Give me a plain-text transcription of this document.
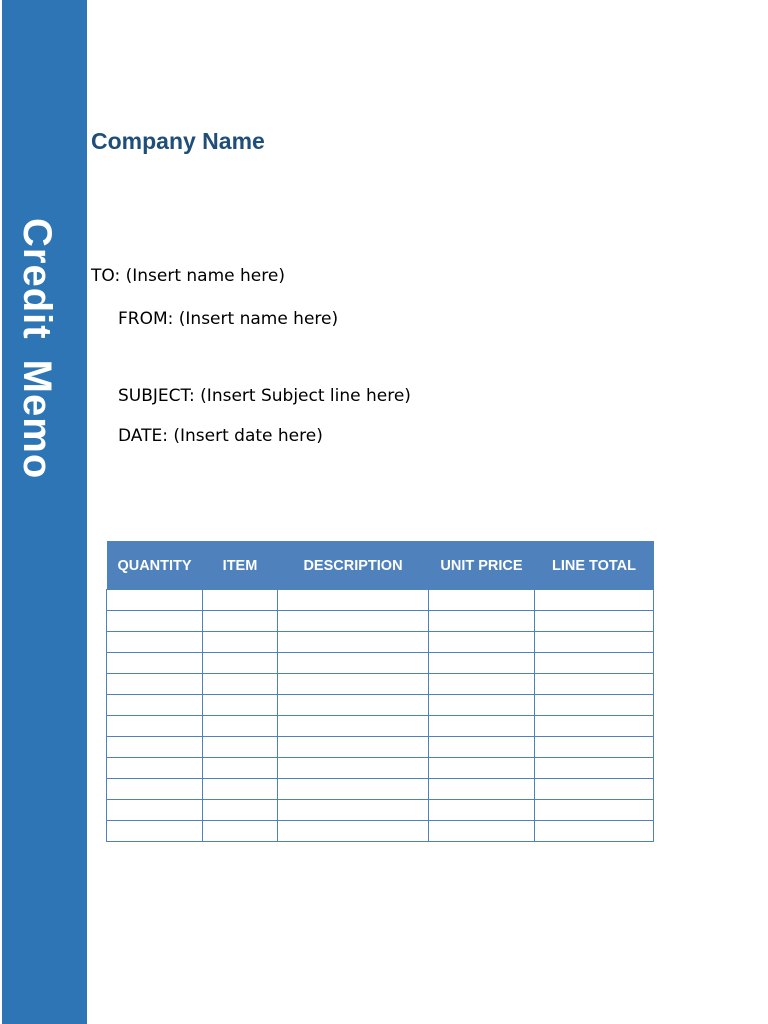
Credit Memo
Company Name
TO: (Insert name here)
FROM: (Insert name here)
SUBJECT: (Insert Subject line here)
DATE: (Insert date here)
QUANTITY	ITEM	DESCRIPTION	UNIT PRICE	LINE TOTAL
